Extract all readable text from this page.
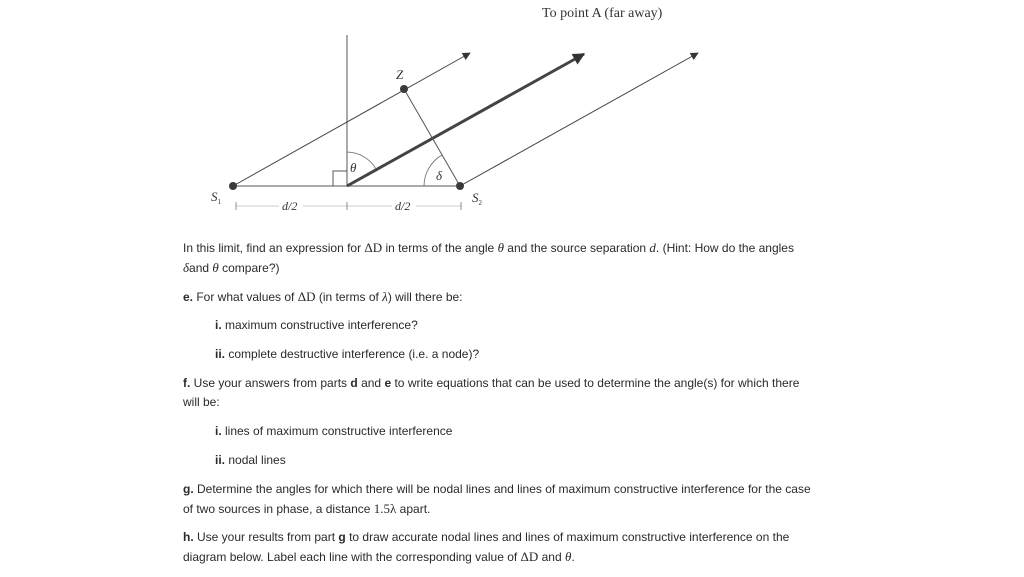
To point A (far away)
Z
θ
δ
$S_1$	$S_2$
d/2	d/2
In this limit, find an expression for ΔD in terms of the angle θ and the source separation d. (Hint: How do the angles δand θ compare?)
e. For what values of ΔD (in terms of λ) will there be:
i. maximum constructive interference?
ii. complete destructive interference (i.e. a node)?
f. Use your answers from parts d and e to write equations that can be used to determine the angle(s) for which there will be:
i. lines of maximum constructive interference
ii. nodal lines
g. Determine the angles for which there will be nodal lines and lines of maximum constructive interference for the case of two sources in phase, a distance 1.5λ apart.
h. Use your results from part g to draw accurate nodal lines and lines of maximum constructive interference on the diagram below. Label each line with the corresponding value of ΔD and θ.
